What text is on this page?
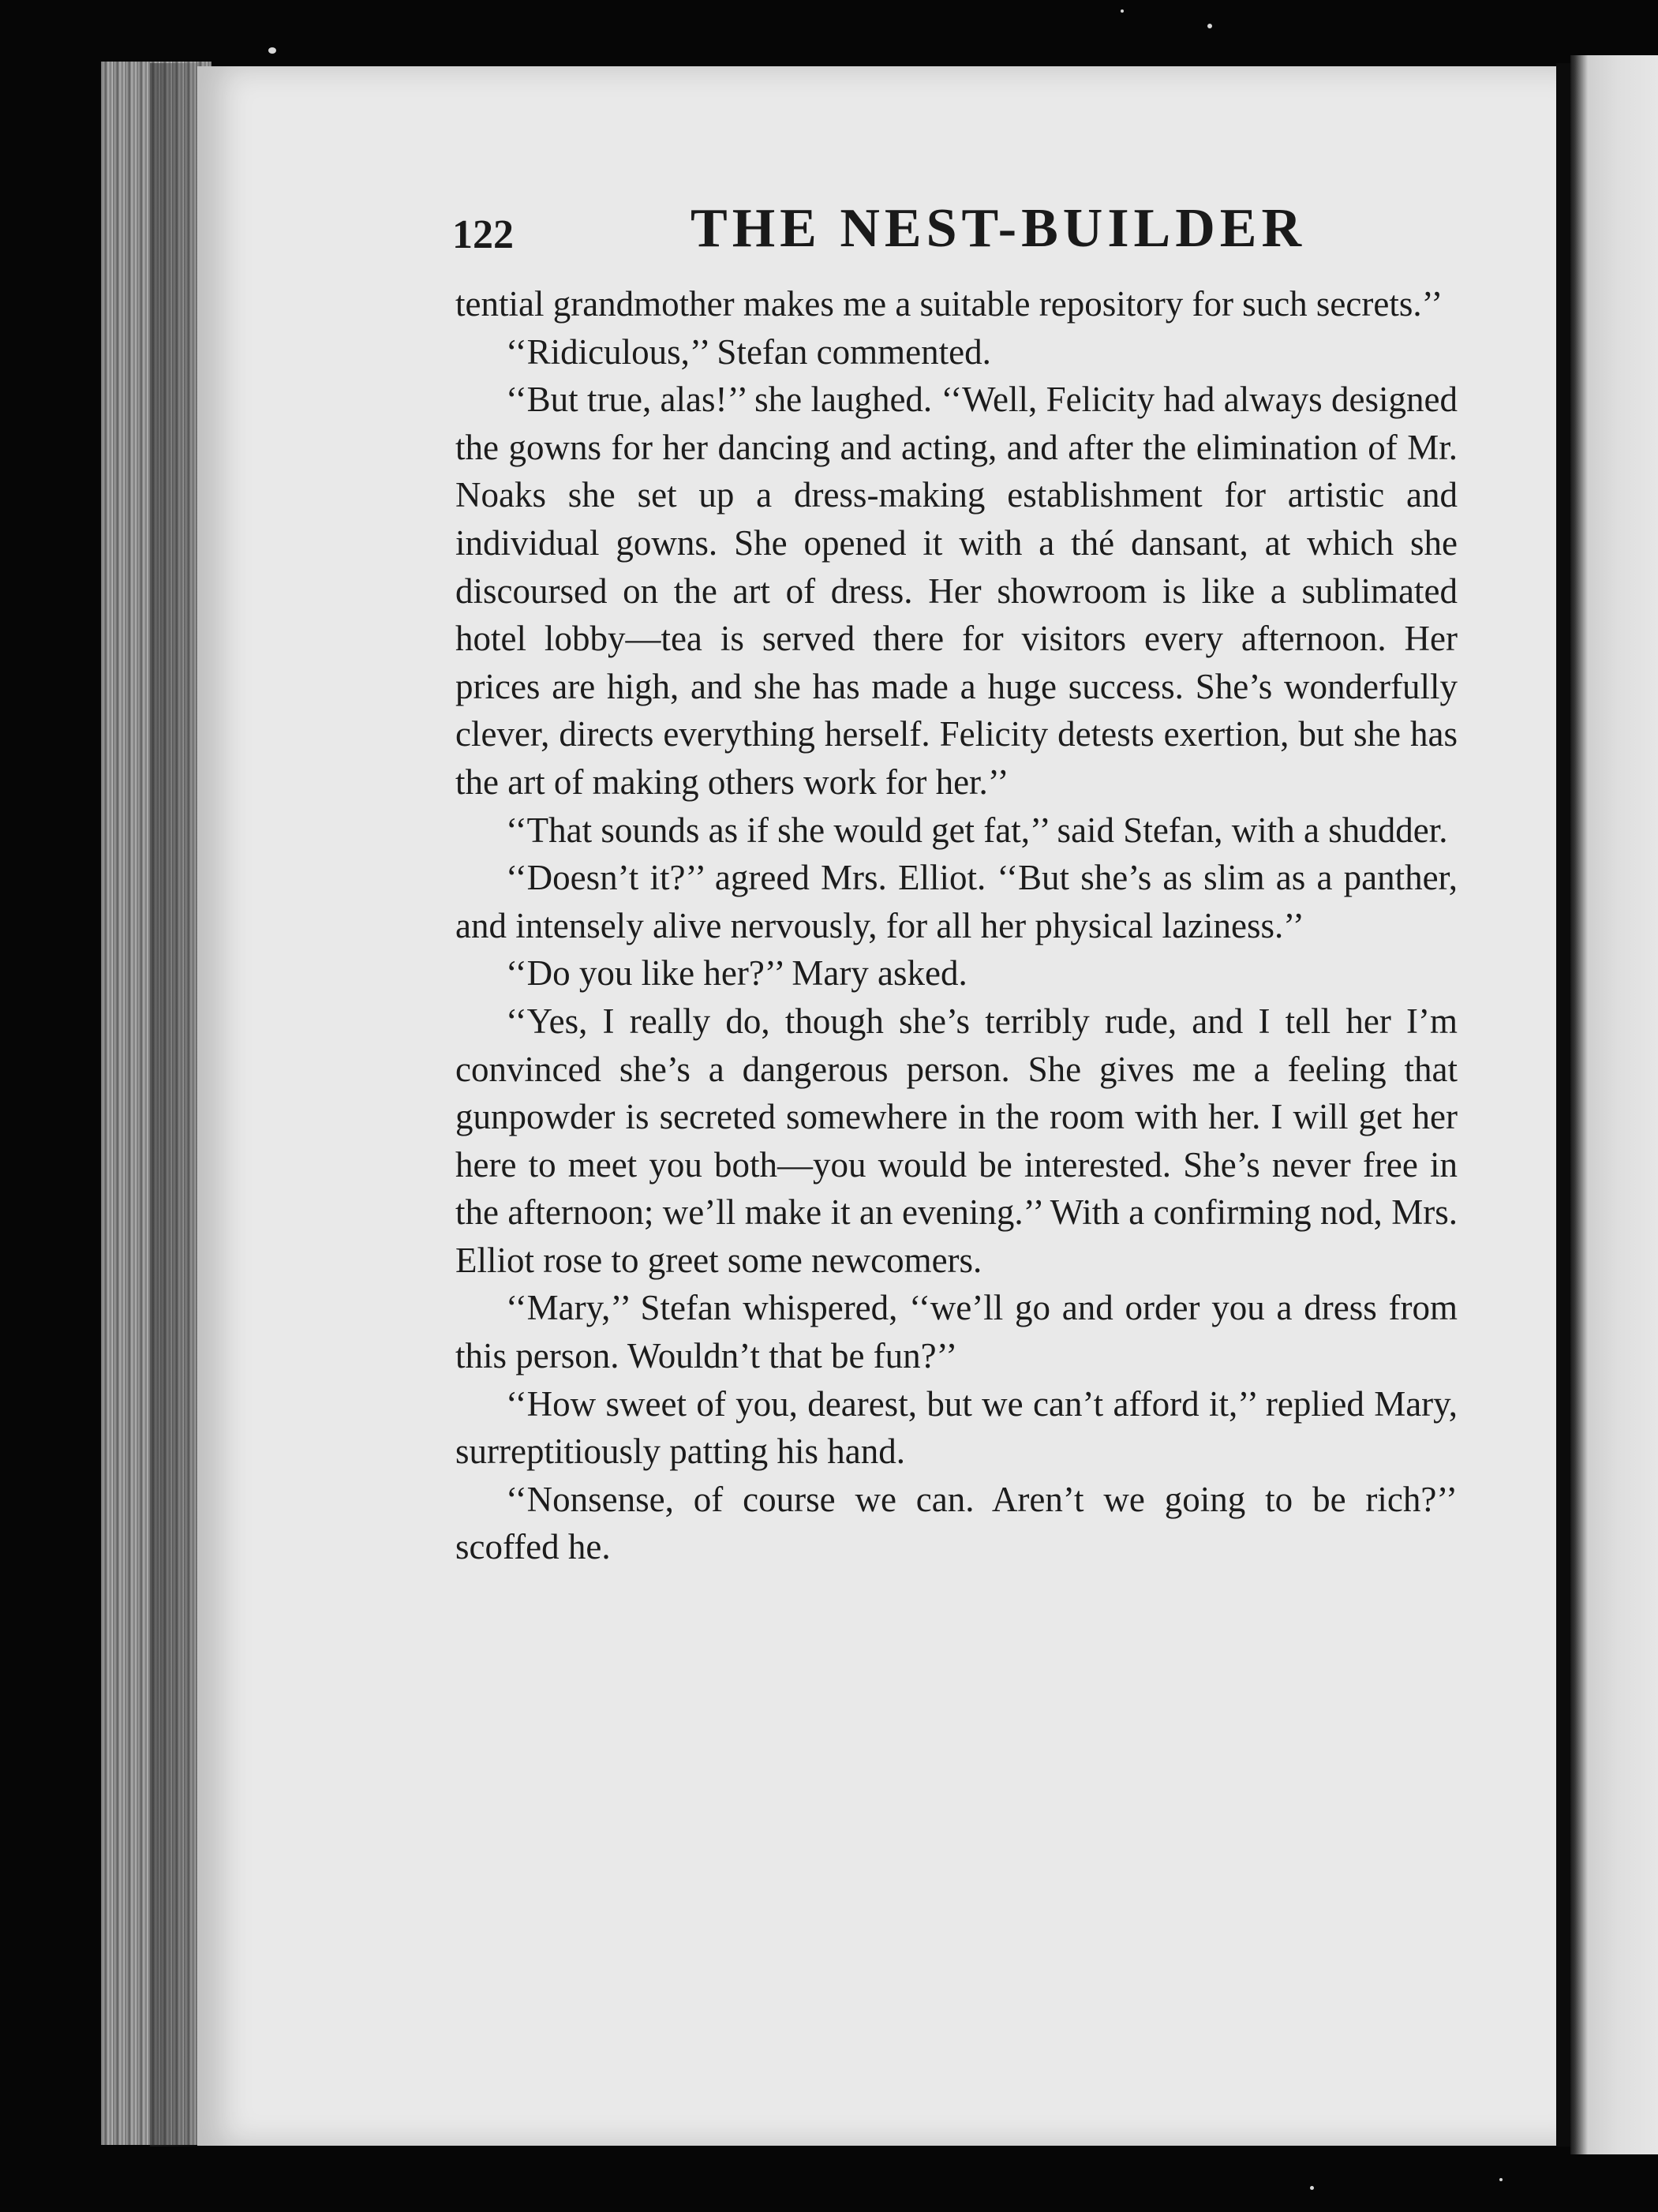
122	THE NEST-BUILDER

tential grandmother makes me a suitable repository for such secrets.’’

‘‘Ridiculous,’’ Stefan commented.

‘‘But true, alas!’’ she laughed. ‘‘Well, Felicity had always designed the gowns for her dancing and acting, and after the elimination of Mr. Noaks she set up a dress-making establishment for artistic and individual gowns. She opened it with a thé dansant, at which she discoursed on the art of dress. Her showroom is like a sublimated hotel lobby—tea is served there for visitors every afternoon. Her prices are high, and she has made a huge success. She’s wonderfully clever, directs everything herself. Felicity detests exertion, but she has the art of making others work for her.’’

‘‘That sounds as if she would get fat,’’ said Stefan, with a shudder.

‘‘Doesn’t it?’’ agreed Mrs. Elliot. ‘‘But she’s as slim as a panther, and intensely alive nervously, for all her physical laziness.’’

‘‘Do you like her?’’ Mary asked.

‘‘Yes, I really do, though she’s terribly rude, and I tell her I’m convinced she’s a dangerous person. She gives me a feeling that gunpowder is secreted somewhere in the room with her. I will get her here to meet you both—you would be interested. She’s never free in the afternoon; we’ll make it an evening.’’ With a confirming nod, Mrs. Elliot rose to greet some newcomers.

‘‘Mary,’’ Stefan whispered, ‘‘we’ll go and order you a dress from this person. Wouldn’t that be fun?’’

‘‘How sweet of you, dearest, but we can’t afford it,’’ replied Mary, surreptitiously patting his hand.

‘‘Nonsense, of course we can. Aren’t we going to be rich?’’ scoffed he.
